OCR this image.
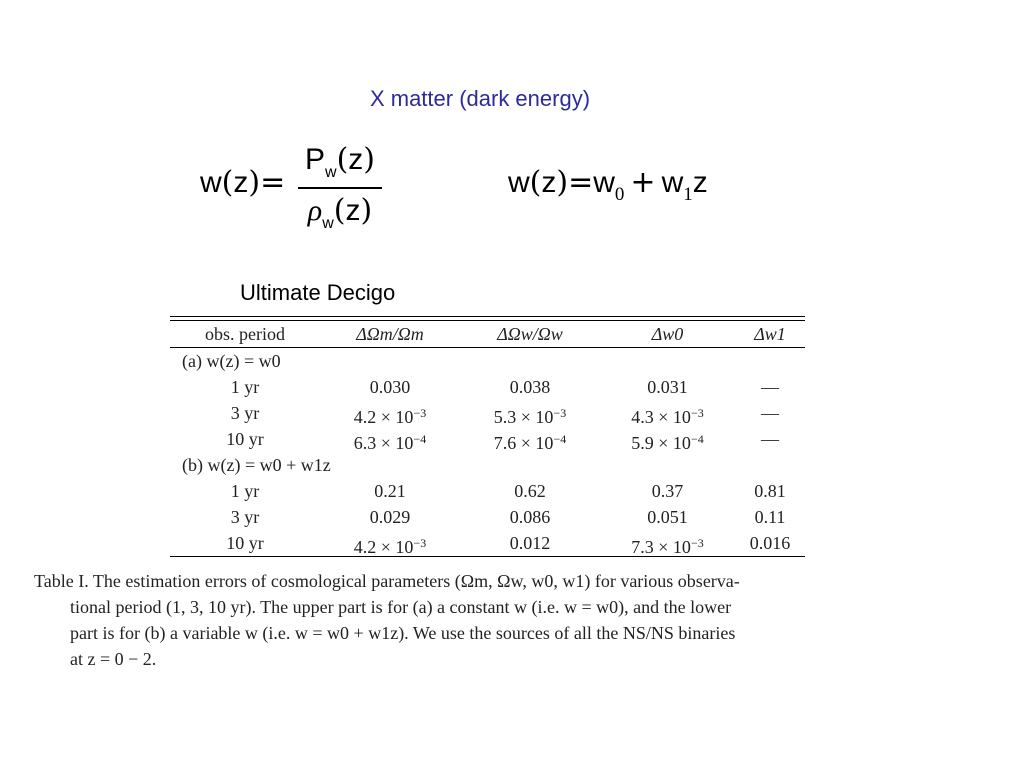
X matter (dark energy)
w(z)=
$P_w(z)$
$\rho_w(z)$
$w(z)=w_0 + w_1z$
Ultimate Decigo
obs. period	ΔΩm/Ωm	ΔΩw/Ωw	Δw0	Δw1
(a) w(z) = w0
1 yr	0.030	0.038	0.031	—
3 yr	$4.2 \times 10^{-3}$	$5.3 \times 10^{-3}$	$4.3 \times 10^{-3}$	—
10 yr	$6.3 \times 10^{-4}$	$7.6 \times 10^{-4}$	$5.9 \times 10^{-4}$	—
(b) w(z) = w0 + w1z
1 yr	0.21	0.62	0.37	0.81
3 yr	0.029	0.086	0.051	0.11
10 yr	$4.2 \times 10^{-3}$	0.012	$7.3 \times 10^{-3}$	0.016
Table I. The estimation errors of cosmological parameters (Ωm, Ωw, w0, w1) for various observa-
tional period (1, 3, 10 yr). The upper part is for (a) a constant w (i.e. w = w0), and the lower
part is for (b) a variable w (i.e. w = w0 + w1z). We use the sources of all the NS/NS binaries
at z = 0 − 2.
